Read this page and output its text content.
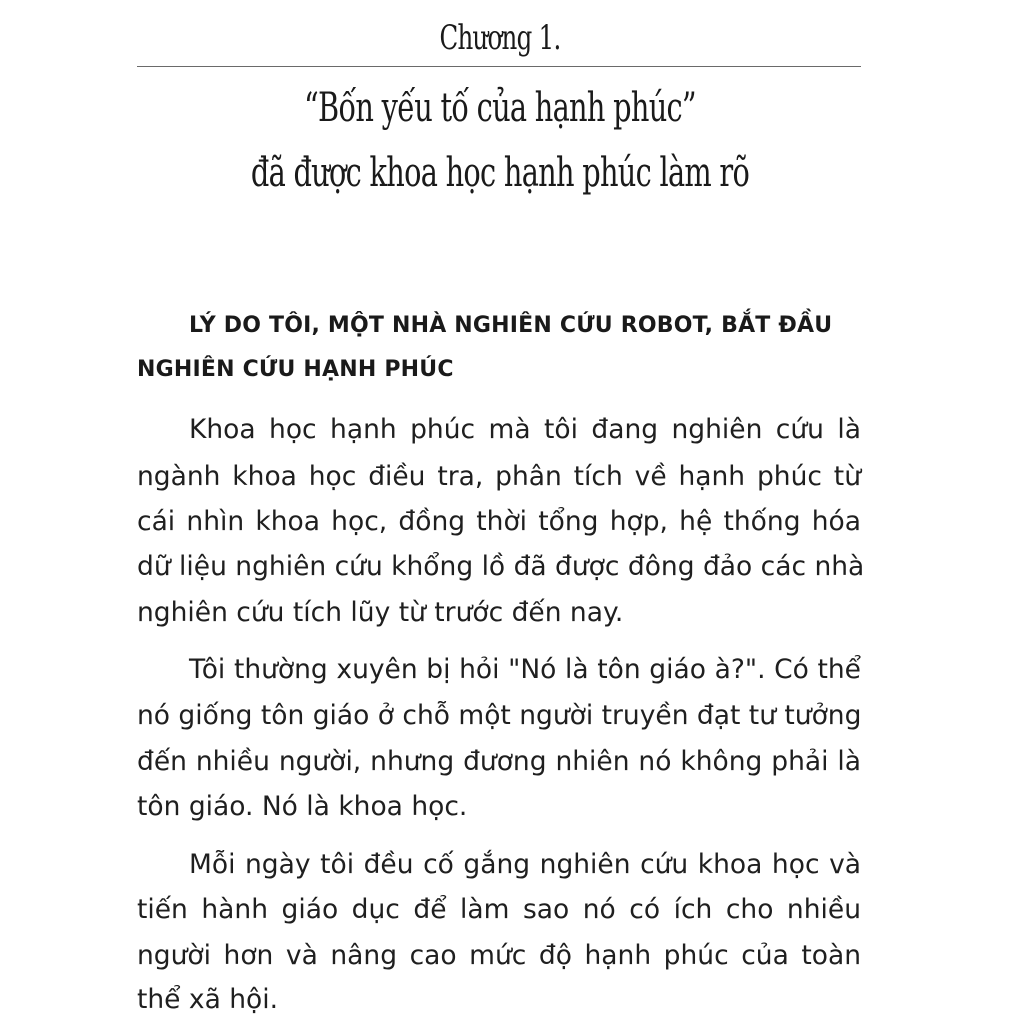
Chương 1.
“Bốn yếu tố của hạnh phúc”
đã được khoa học hạnh phúc làm rõ
LÝ DO TÔI, MỘT NHÀ NGHIÊN CỨU ROBOT, BẮT ĐẦU
NGHIÊN CỨU HẠNH PHÚC
Khoa học hạnh phúc mà tôi đang nghiên cứu là
ngành khoa học điều tra, phân tích về hạnh phúc từ
cái nhìn khoa học, đồng thời tổng hợp, hệ thống hóa
dữ liệu nghiên cứu khổng lồ đã được đông đảo các nhà
nghiên cứu tích lũy từ trước đến nay.
Tôi thường xuyên bị hỏi "Nó là tôn giáo à?". Có thể
nó giống tôn giáo ở chỗ một người truyền đạt tư tưởng
đến nhiều người, nhưng đương nhiên nó không phải là
tôn giáo. Nó là khoa học.
Mỗi ngày tôi đều cố gắng nghiên cứu khoa học và
tiến hành giáo dục để làm sao nó có ích cho nhiều
người hơn và nâng cao mức độ hạnh phúc của toàn
thể xã hội.
